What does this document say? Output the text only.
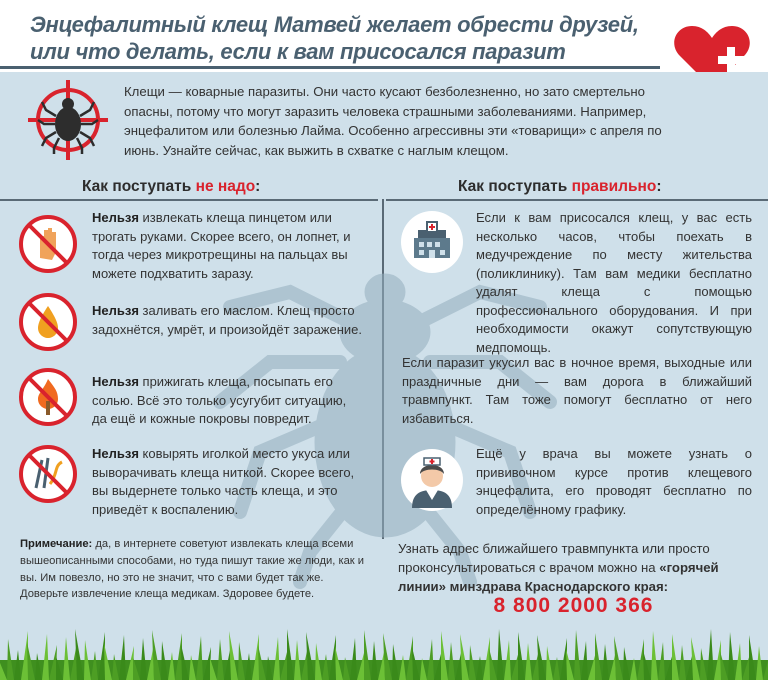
Энцефалитный клещ Матвей желает обрести друзей,
или что делать, если к вам присосался паразит
Клещи — коварные паразиты. Они часто кусают безболезненно, но зато смертельно опасны, потому что могут заразить человека страшными заболеваниями. Например, энцефалитом или болезнью Лайма. Особенно агрессивны эти «товарищи» с апреля по июнь. Узнайте сейчас, как выжить в схватке с наглым клещом.
Как поступать не надо:	Как поступать правильно:
Нельзя извлекать клеща пинцетом или трогать руками. Скорее всего, он лопнет, и тогда через микротрещины на пальцах вы можете подхватить заразу.
Нельзя заливать его маслом. Клещ просто задохнётся, умрёт, и произойдёт заражение.
Нельзя прижигать клеща, посыпать его солью. Всё это только усугубит ситуацию, да ещё и кожные покровы повредит.
Нельзя ковырять иголкой место укуса или выворачивать клеща ниткой. Скорее всего, вы выдернете только часть клеща, и это приведёт к воспалению.
Если к вам присосался клещ, у вас есть несколько часов, чтобы поехать в медучреждение по месту жительства (поликлинику). Там вам медики бесплатно удалят клеща с помощью профессионального оборудования. И при необходимости окажут сопутствующую медпомощь.
Если паразит укусил вас в ночное время, выходные или праздничные дни — вам дорога в ближайший травмпункт. Там тоже помогут бесплатно от него избавиться.
Ещё у врача вы можете узнать о прививочном курсе против клещевого энцефалита, его проводят бесплатно по определённому графику.
Примечание: да, в интернете советуют извлекать клеща всеми вышеописанными способами, но туда пишут такие же люди, как и вы. Им повезло, но это не значит, что с вами будет так же. Доверьте извлечение клеща медикам. Здоровее будете.
Узнать адрес ближайшего травмпункта или просто проконсультироваться с врачом можно на «горячей линии» минздрава Краснодарского края:
8 800 2000 366
